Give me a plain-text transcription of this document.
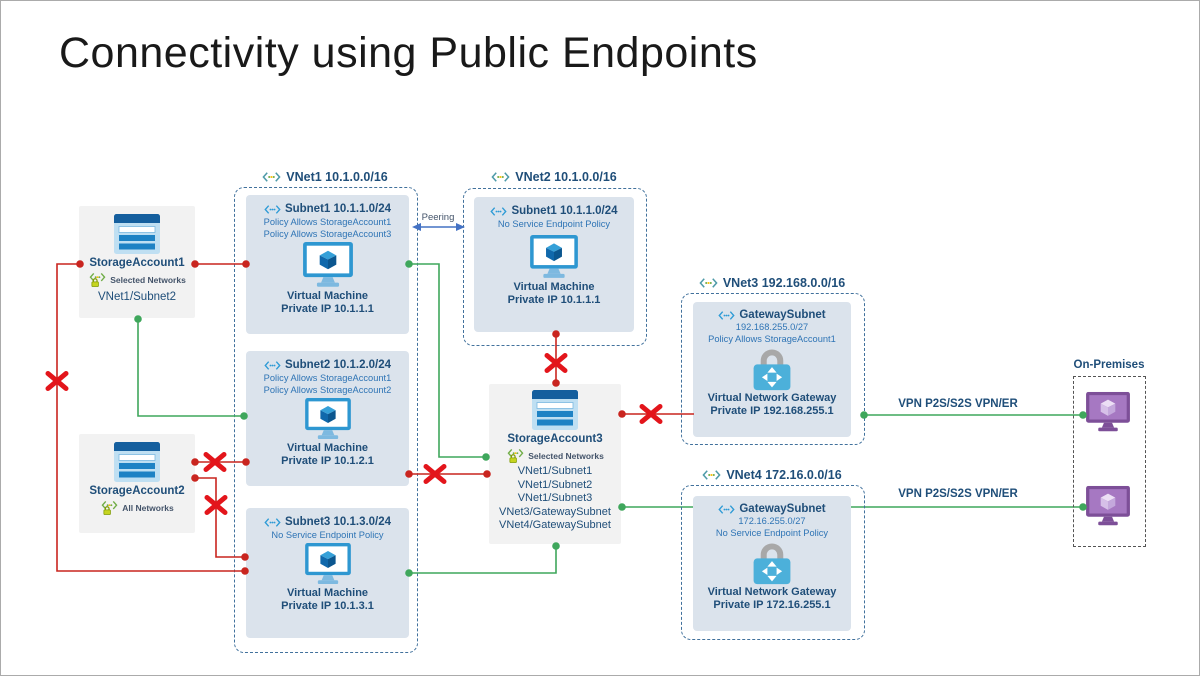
Connectivity using Public Endpoints
VNet1 10.1.0.0/16	VNet2 10.1.0.0/16
VNet3 192.168.0.0/16
VNet4 172.16.0.0/16
StorageAccount1
Selected Networks
VNet1/Subnet2
StorageAccount2
All Networks
Subnet1 10.1.1.0/24
Policy Allows StorageAccount1
Policy Allows StorageAccount3
Virtual Machine
Private IP 10.1.1.1
Subnet2 10.1.2.0/24
Policy Allows StorageAccount1
Policy Allows StorageAccount2
Virtual Machine
Private IP 10.1.2.1
Subnet3 10.1.3.0/24
No Service Endpoint Policy
Virtual Machine
Private IP 10.1.3.1
Subnet1 10.1.1.0/24
No Service Endpoint Policy
Virtual Machine
Private IP 10.1.1.1
StorageAccount3
Selected Networks
VNet1/Subnet1
VNet1/Subnet2
VNet1/Subnet3
VNet3/GatewaySubnet
VNet4/GatewaySubnet
GatewaySubnet
192.168.255.0/27
Policy Allows StorageAccount1
Virtual Network Gateway
Private IP 192.168.255.1
GatewaySubnet
172.16.255.0/27
No Service Endpoint Policy
Virtual Network Gateway
Private IP 172.16.255.1
On-Premises
Peering
VPN P2S/S2S VPN/ER
VPN P2S/S2S VPN/ER
